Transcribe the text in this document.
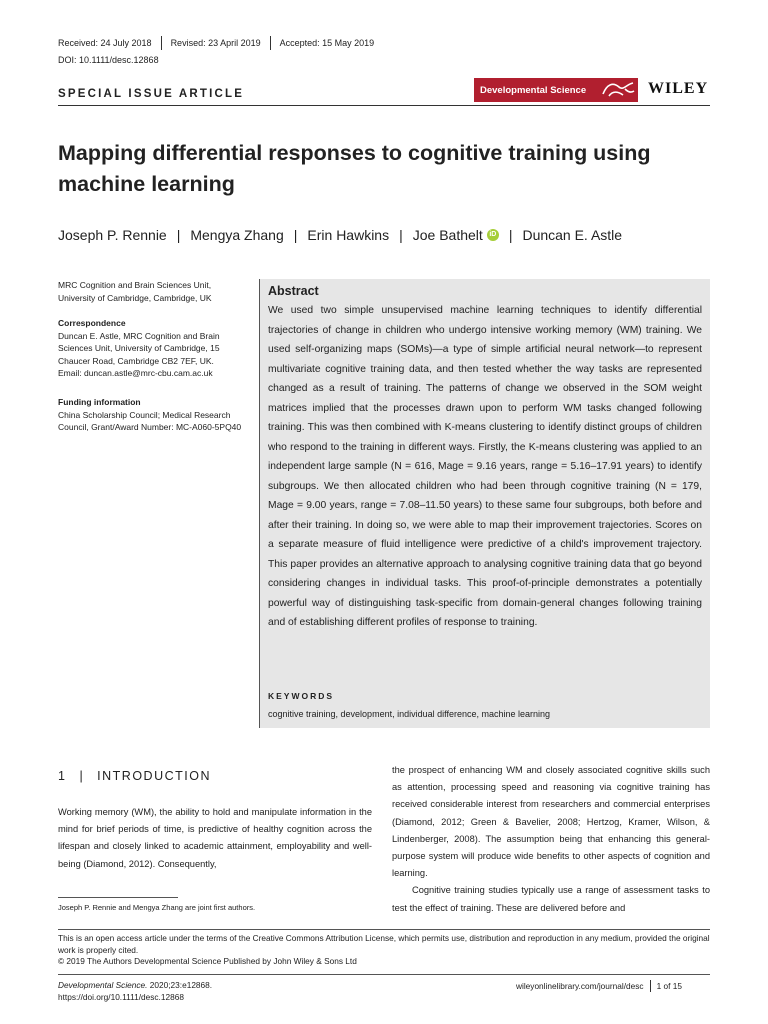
Received: 24 July 2018 Revised: 23 April 2019 Accepted: 15 May 2019
DOI: 10.1111/desc.12868
SPECIAL ISSUE ARTICLE	Developmental Science	WILEY
Mapping differential responses to cognitive training using machine learning
Joseph P. Rennie | Mengya Zhang | Erin Hawkins | Joe Bathelt iD | Duncan E. Astle
MRC Cognition and Brain Sciences Unit, University of Cambridge, Cambridge, UK
Correspondence
Duncan E. Astle, MRC Cognition and Brain Sciences Unit, University of Cambridge, 15 Chaucer Road, Cambridge CB2 7EF, UK.
Email: duncan.astle@mrc-cbu.cam.ac.uk
Funding information
China Scholarship Council; Medical Research Council, Grant/Award Number: MC-A060-5PQ40
Abstract

We used two simple unsupervised machine learning techniques to identify differential trajectories of change in children who undergo intensive working memory (WM) training. We used self-organizing maps (SOMs)—a type of simple artificial neural network—to represent multivariate cognitive training data, and then tested whether the way tasks are represented changed as a result of training. The patterns of change we observed in the SOM weight matrices implied that the processes drawn upon to perform WM tasks changed following training. This was then combined with K-means clustering to identify distinct groups of children who respond to the training in different ways. Firstly, the K-means clustering was applied to an independent large sample (N = 616, Mage = 9.16 years, range = 5.16–17.91 years) to identify subgroups. We then allocated children who had been through cognitive training (N = 179, Mage = 9.00 years, range = 7.08–11.50 years) to these same four subgroups, both before and after their training. In doing so, we were able to map their improvement trajectories. Scores on a separate measure of fluid intelligence were predictive of a child's improvement trajectory. This paper provides an alternative approach to analysing cognitive training data that go beyond considering changes in individual tasks. This proof-of-principle demonstrates a potentially powerful way of distinguishing task-specific from domain-general changes following training and of establishing different profiles of response to training.

KEYWORDS
cognitive training, development, individual difference, machine learning
1 | INTRODUCTION
Working memory (WM), the ability to hold and manipulate information in the mind for brief periods of time, is predictive of healthy cognition across the lifespan and closely linked to academic attainment, employability and well-being (Diamond, 2012). Consequently,
the prospect of enhancing WM and closely associated cognitive skills such as attention, processing speed and reasoning via cognitive training has received considerable interest from researchers and commercial enterprises (Diamond, 2012; Green & Bavelier, 2008; Hertzog, Kramer, Wilson, & Lindenberger, 2008). The assumption being that enhancing this general-purpose system will produce wide benefits to other aspects of cognition and learning.
Cognitive training studies typically use a range of assessment tasks to test the effect of training. These are delivered before and
Joseph P. Rennie and Mengya Zhang are joint first authors.
This is an open access article under the terms of the Creative Commons Attribution License, which permits use, distribution and reproduction in any medium, provided the original work is properly cited.
© 2019 The Authors Developmental Science Published by John Wiley & Sons Ltd
Developmental Science. 2020;23:e12868.
https://doi.org/10.1111/desc.12868
wileyonlinelibrary.com/journal/desc 1 of 15
